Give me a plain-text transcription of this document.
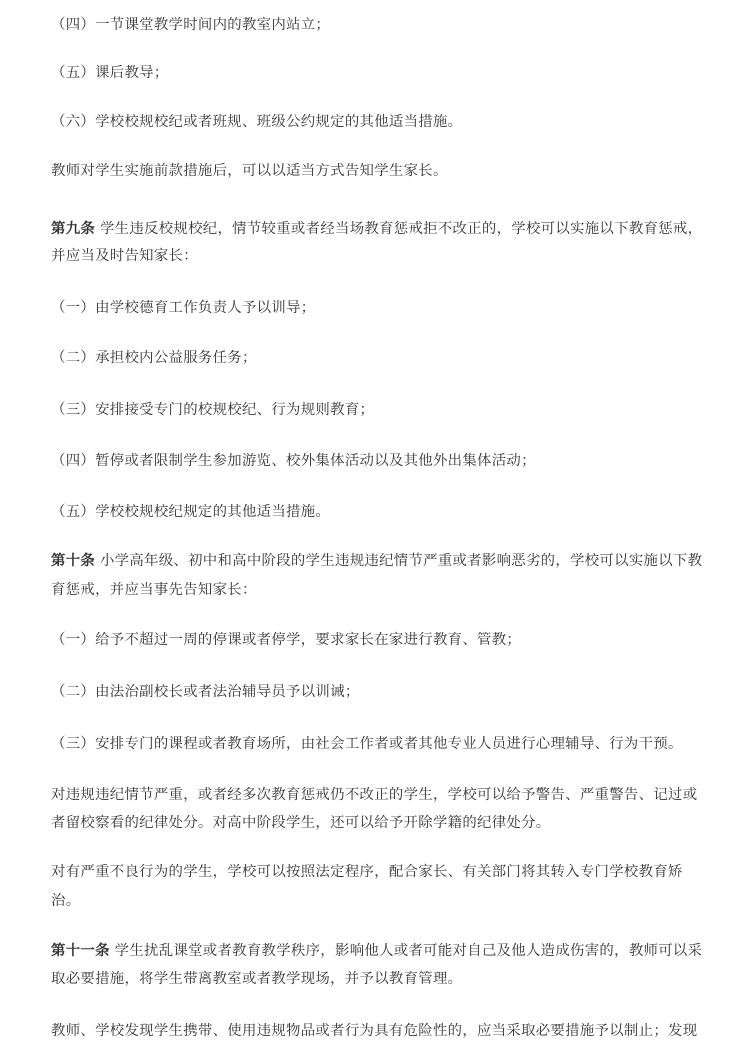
（四）一节课堂教学时间内的教室内站立；
（五）课后教导；
（六）学校校规校纪或者班规、班级公约规定的其他适当措施。
教师对学生实施前款措施后，可以以适当方式告知学生家长。
第九条 学生违反校规校纪，情节较重或者经当场教育惩戒拒不改正的，学校可以实施以下教育惩戒，
并应当及时告知家长：
（一）由学校德育工作负责人予以训导；
（二）承担校内公益服务任务；
（三）安排接受专门的校规校纪、行为规则教育；
（四）暂停或者限制学生参加游览、校外集体活动以及其他外出集体活动；
（五）学校校规校纪规定的其他适当措施。
第十条 小学高年级、初中和高中阶段的学生违规违纪情节严重或者影响恶劣的，学校可以实施以下教
育惩戒，并应当事先告知家长：
（一）给予不超过一周的停课或者停学，要求家长在家进行教育、管教；
（二）由法治副校长或者法治辅导员予以训诫；
（三）安排专门的课程或者教育场所，由社会工作者或者其他专业人员进行心理辅导、行为干预。
对违规违纪情节严重，或者经多次教育惩戒仍不改正的学生，学校可以给予警告、严重警告、记过或
者留校察看的纪律处分。对高中阶段学生，还可以给予开除学籍的纪律处分。
对有严重不良行为的学生，学校可以按照法定程序，配合家长、有关部门将其转入专门学校教育矫
治。
第十一条 学生扰乱课堂或者教育教学秩序，影响他人或者可能对自己及他人造成伤害的，教师可以采
取必要措施，将学生带离教室或者教学现场，并予以教育管理。
教师、学校发现学生携带、使用违规物品或者行为具有危险性的，应当采取必要措施予以制止；发现
